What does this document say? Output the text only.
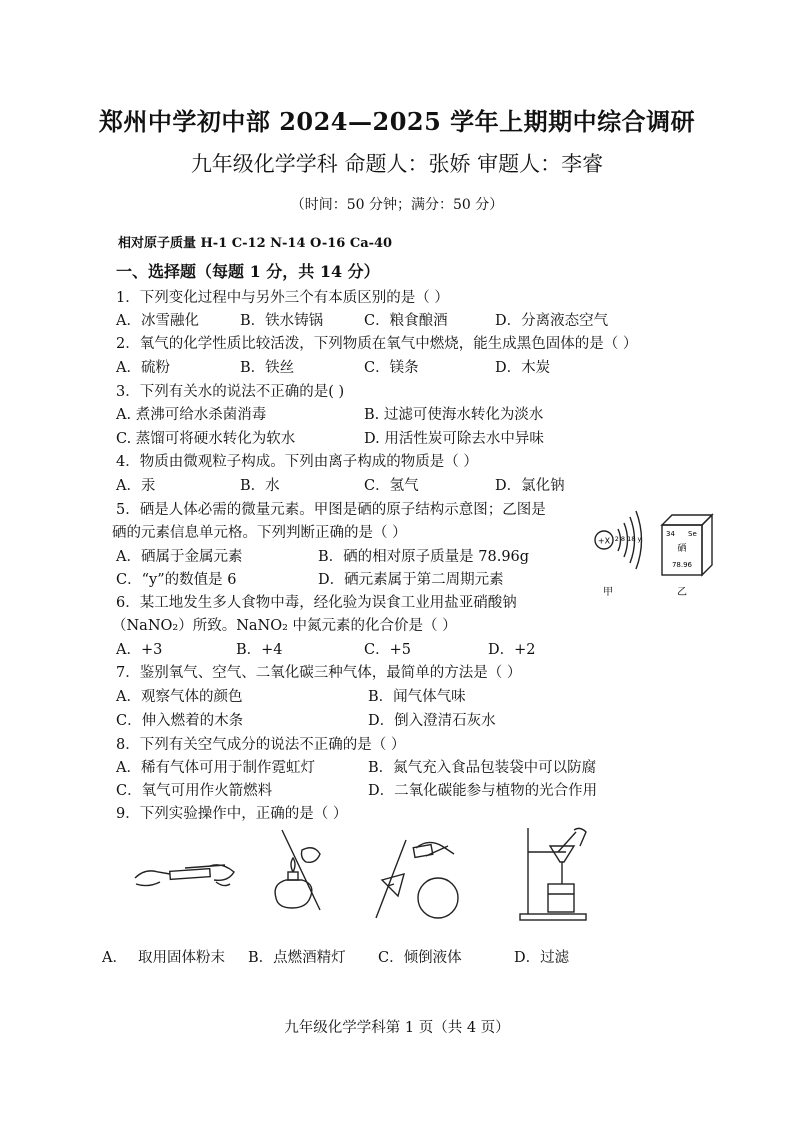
郑州中学初中部 2024—2025 学年上期期中综合调研
九年级化学学科 命题人：张娇 审题人：李睿
（时间：50 分钟；满分：50 分）
相对原子质量 H-1 C-12 N-14 O-16 Ca-40
一、选择题（每题 1 分，共 14 分）
1．下列变化过程中与另外三个有本质区别的是（ ）
A．冰雪融化	B．铁水铸锅	C．粮食酿酒	D．分离液态空气
2．氧气的化学性质比较活泼，下列物质在氧气中燃烧，能生成黑色固体的是（ ）
A．硫粉	B．铁丝	C．镁条	D．木炭
3．下列有关水的说法不正确的是( )
A. 煮沸可给水杀菌消毒	B. 过滤可使海水转化为淡水
C. 蒸馏可将硬水转化为软水	D. 用活性炭可除去水中异味
4．物质由微观粒子构成。下列由离子构成的物质是（ ）
A．汞	B．水	C．氢气	D．氯化钠
5．硒是人体必需的微量元素。甲图是硒的原子结构示意图；乙图是
硒的元素信息单元格。下列判断正确的是（ ）
A．硒属于金属元素	B．硒的相对原子质量是 78.96g
C．“y”的数值是 6	D．硒元素属于第二周期元素
+X 2 8 18 y
甲
34 Se
硒
78.96
乙
6．某工地发生多人食物中毒，经化验为误食工业用盐亚硝酸钠
（NaNO₂）所致。NaNO₂ 中氮元素的化合价是（ ）
A．+3	B．+4	C．+5	D．+2
7．鉴别氧气、空气、二氧化碳三种气体，最简单的方法是（ ）
A．观察气体的颜色	B．闻气体气味
C．伸入燃着的木条	D．倒入澄清石灰水
8．下列有关空气成分的说法不正确的是（ ）
A．稀有气体可用于制作霓虹灯	B．氮气充入食品包装袋中可以防腐
C．氧气可用作火箭燃料	D．二氧化碳能参与植物的光合作用
9．下列实验操作中，正确的是（ ）
A． 取用固体粉末 B．点燃酒精灯 C．倾倒液体	D．过滤
九年级化学学科第 1 页（共 4 页）
